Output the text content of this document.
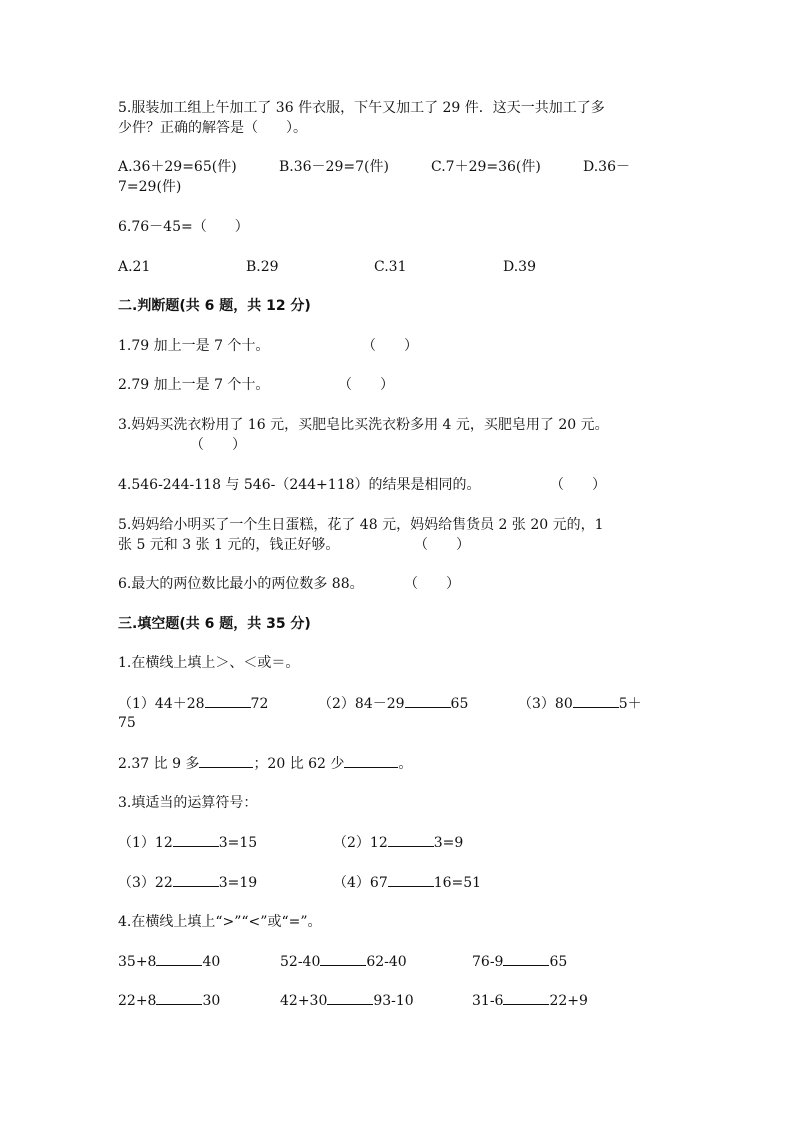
5.服装加工组上午加工了 36 件衣服，下午又加工了 29 件．这天一共加工了多
少件？正确的解答是（　　）。
A.36＋29=65(件)	B.36－29=7(件)	C.7＋29=36(件)	D.36－
7=29(件)
6.76－45=（　　）
A.21	B.29	C.31	D.39
二.判断题(共 6 题，共 12 分)
1.79 加上一是 7 个十。	（　　）
2.79 加上一是 7 个十。	（　　）
3.妈妈买洗衣粉用了 16 元，买肥皂比买洗衣粉多用 4 元，买肥皂用了 20 元。
（　　）
4.546-244-118 与 546-（244+118）的结果是相同的。	（　　）
5.妈妈给小明买了一个生日蛋糕，花了 48 元，妈妈给售货员 2 张 20 元的，1
张 5 元和 3 张 1 元的，钱正好够。	（　　）
6.最大的两位数比最小的两位数多 88。	（　　）
三.填空题(共 6 题，共 35 分)
1.在横线上填上＞、＜或＝。
（1）44＋28	72	（2）84－29	65	（3）80	5＋
75
2.37 比 9 多	；20 比 62 少	。
3.填适当的运算符号：
（1）12	3=15	（2）12	3=9
（3）22	3=19	（4）67	16=51
4.在横线上填上“>”“<”或“=”。
35+8	40	52-40	62-40	76-9	65
22+8	30	42+30	93-10	31-6	22+9
